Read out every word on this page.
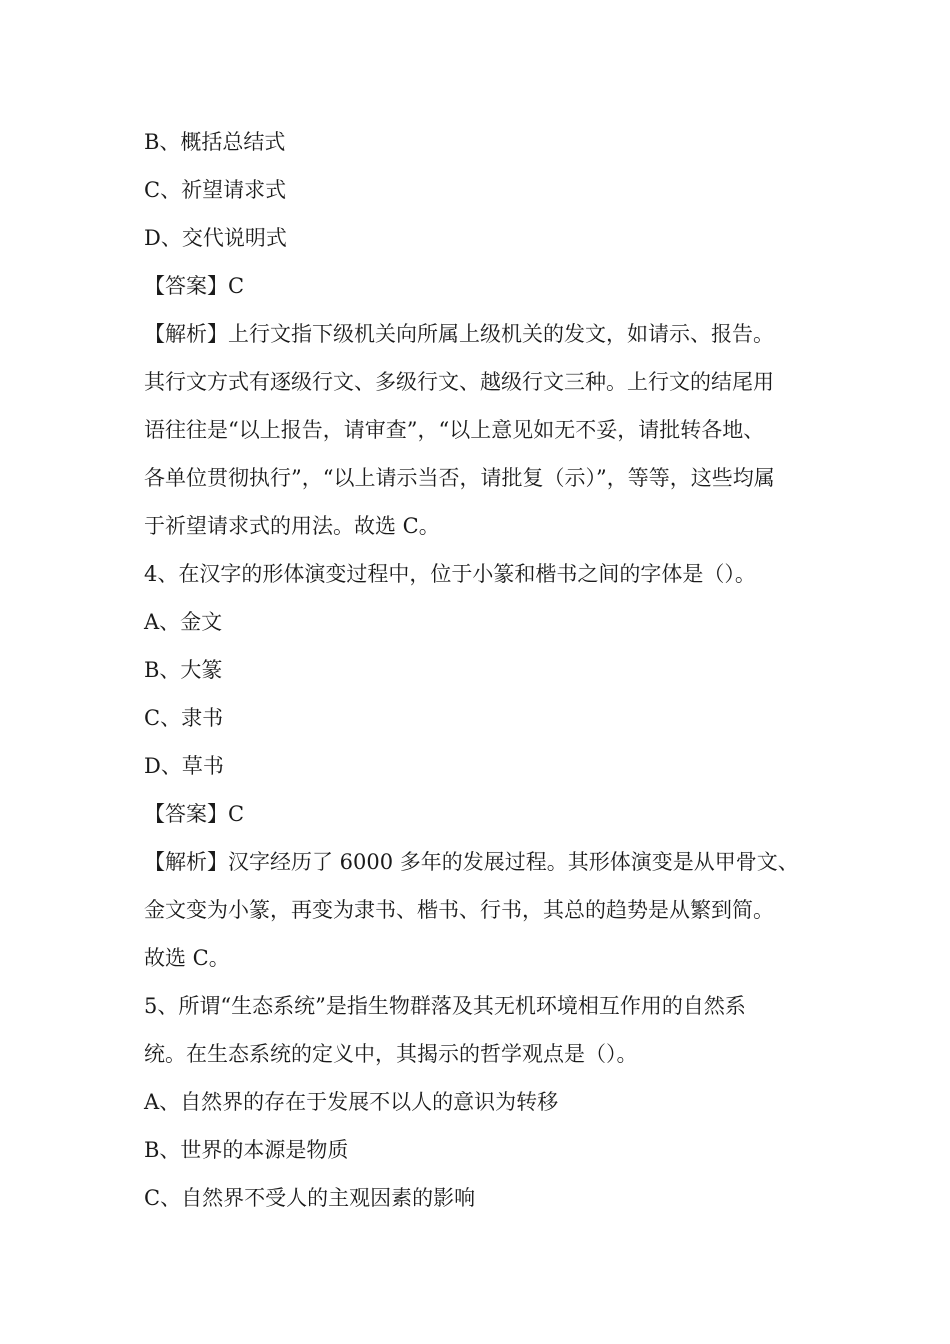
B、概括总结式
C、祈望请求式
D、交代说明式
【答案】C
【解析】上行文指下级机关向所属上级机关的发文，如请示、报告。
其行文方式有逐级行文、多级行文、越级行文三种。上行文的结尾用
语往往是“以上报告，请审查”，“以上意见如无不妥，请批转各地、
各单位贯彻执行”，“以上请示当否，请批复（示）”，等等，这些均属
于祈望请求式的用法。故选 C。
4、在汉字的形体演变过程中，位于小篆和楷书之间的字体是（）。
A、金文
B、大篆
C、隶书
D、草书
【答案】C
【解析】汉字经历了 6000 多年的发展过程。其形体演变是从甲骨文、
金文变为小篆，再变为隶书、楷书、行书，其总的趋势是从繁到简。
故选 C。
5、所谓“生态系统”是指生物群落及其无机环境相互作用的自然系
统。在生态系统的定义中，其揭示的哲学观点是（）。
A、自然界的存在于发展不以人的意识为转移
B、世界的本源是物质
C、自然界不受人的主观因素的影响
